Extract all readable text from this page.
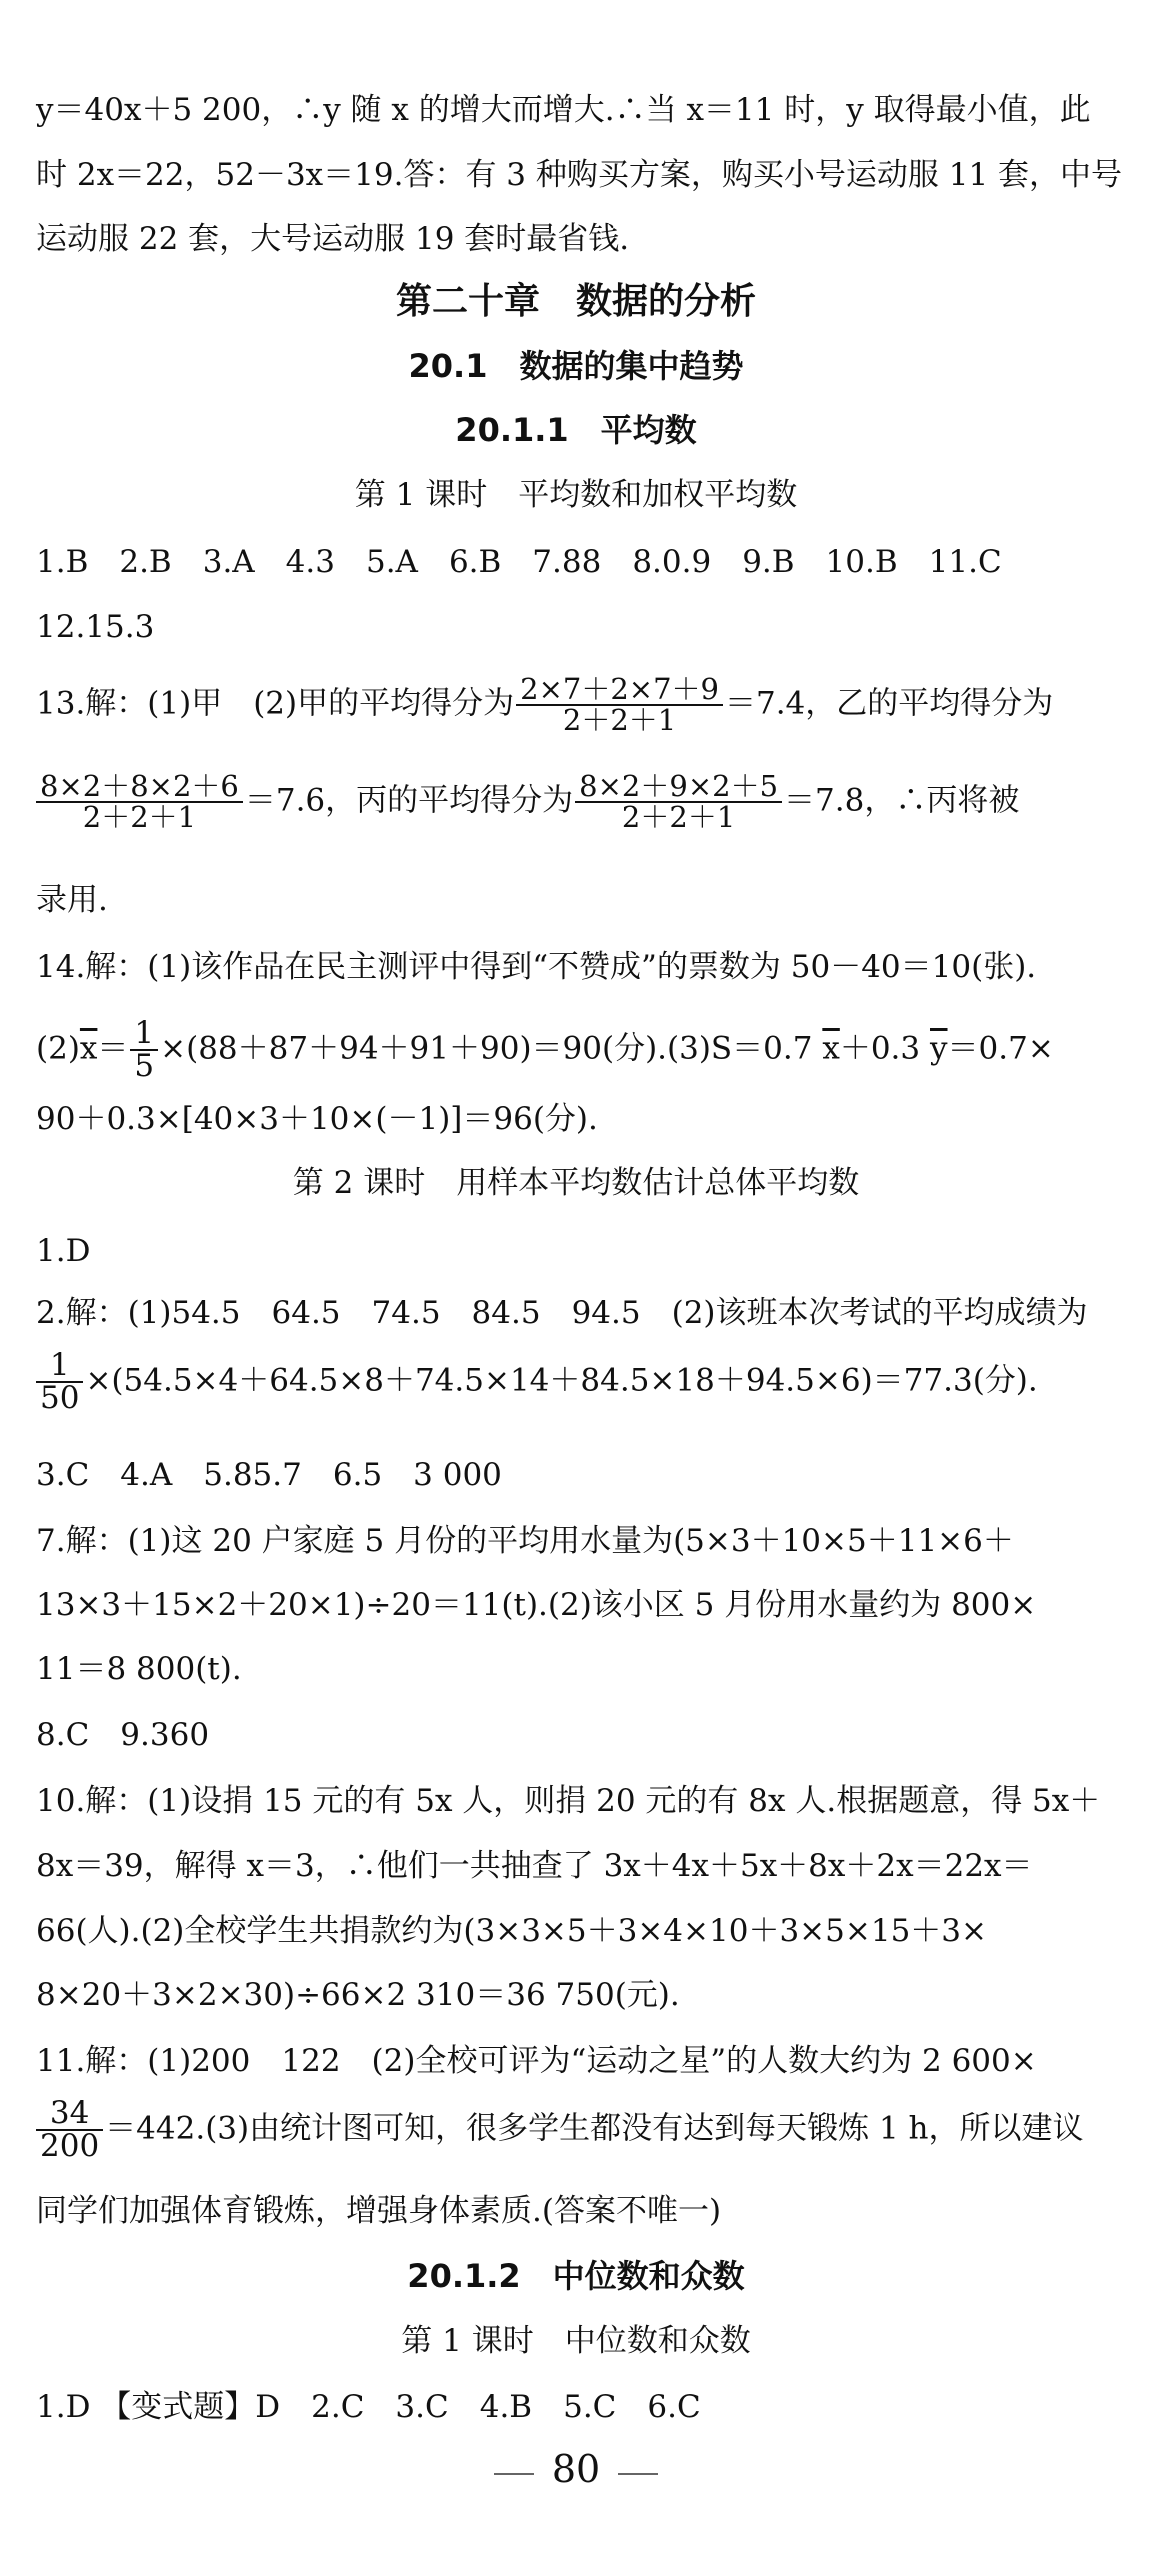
y＝40x＋5 200，∴y 随 x 的增大而增大.∴当 x＝11 时，y 取得最小值，此
时 2x＝22，52－3x＝19.答：有 3 种购买方案，购买小号运动服 11 套，中号
运动服 22 套，大号运动服 19 套时最省钱.
第二十章　数据的分析
20.1　数据的集中趋势
20.1.1　平均数
第 1 课时　平均数和加权平均数
1.B　2.B　3.A　4.3　5.A　6.B　7.88　8.0.9　9.B　10.B　11.C
12.15.3
13.解：(1)甲　(2)甲的平均得分为 $\frac{2\times 7+2\times 7+9}{2+2+1} =7.4$，乙的平均得分为
$\frac{8\times 2+8\times 2+6}{2+2+1} =7.6$，丙的平均得分为 $\frac{8\times 2+9\times 2+5}{2+2+1} =7.8$，∴丙将被
录用.
14.解：(1)该作品在民主测评中得到“不赞成”的票数为 50－40＝10(张).
$(2)\overline{x}= \frac{1}{5} \times(88+87+94+91+90)=90$(分).(3)S＝0.7 $\overline{x}+0.3$ $\overline{y}=0.7\times$
90＋0.3×[40×3＋10×(－1)]＝96(分).
第 2 课时　用样本平均数估计总体平均数
1.D
2.解：(1)54.5　64.5　74.5　84.5　94.5　(2)该班本次考试的平均成绩为
$\frac{1}{50} \times(54.5\times 4+64.5\times 8+74.5\times 14+84.5\times 18+94.5\times 6)=77.3$(分).
3.C　4.A　5.85.7　6.5　3 000
7.解：(1)这 20 户家庭 5 月份的平均用水量为(5×3＋10×5＋11×6＋
13×3＋15×2＋20×1)÷20＝11(t).(2)该小区 5 月份用水量约为 800×
11＝8 800(t).
8.C　9.360
10.解：(1)设捐 15 元的有 5x 人，则捐 20 元的有 8x 人.根据题意，得 5x＋
8x＝39，解得 x＝3，∴他们一共抽查了 3x＋4x＋5x＋8x＋2x＝22x＝
66(人).(2)全校学生共捐款约为(3×3×5＋3×4×10＋3×5×15＋3×
8×20＋3×2×30)÷66×2 310＝36 750(元).
11.解：(1)200　122　(2)全校可评为“运动之星”的人数大约为 2 600×
$\frac{34}{200} =442.(3)$由统计图可知，很多学生都没有达到每天锻炼 1 h，所以建议
同学们加强体育锻炼，增强身体素质.(答案不唯一)
20.1.2　中位数和众数
第 1 课时　中位数和众数
1.D 【变式题】D　2.C　3.C　4.B　5.C　6.C
80
